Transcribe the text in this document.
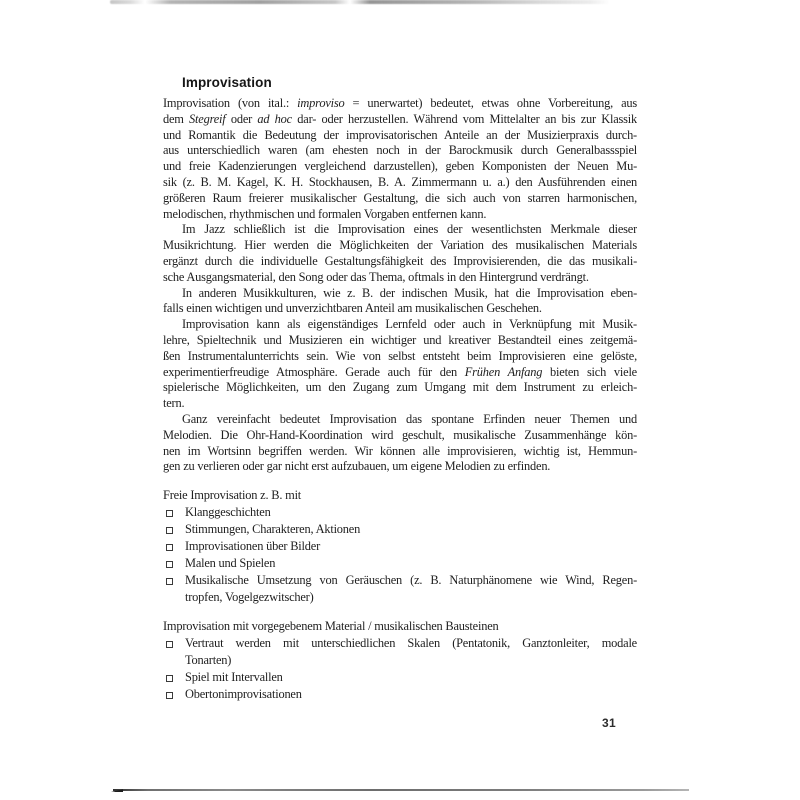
Improvisation
Improvisation (von ital.: improviso = unerwartet) bedeutet, etwas ohne Vorbereitung, aus
dem Stegreif oder ad hoc dar- oder herzustellen. Während vom Mittelalter an bis zur Klassik
und Romantik die Bedeutung der improvisatorischen Anteile an der Musizierpraxis durch-
aus unterschiedlich waren (am ehesten noch in der Barockmusik durch Generalbassspiel
und freie Kadenzierungen vergleichend darzustellen), geben Komponisten der Neuen Mu-
sik (z. B. M. Kagel, K. H. Stockhausen, B. A. Zimmermann u. a.) den Ausführenden einen
größeren Raum freierer musikalischer Gestaltung, die sich auch von starren harmonischen,
melodischen, rhythmischen und formalen Vorgaben entfernen kann.
Im Jazz schließlich ist die Improvisation eines der wesentlichsten Merkmale dieser
Musikrichtung. Hier werden die Möglichkeiten der Variation des musikalischen Materials
ergänzt durch die individuelle Gestaltungsfähigkeit des Improvisierenden, die das musikali-
sche Ausgangsmaterial, den Song oder das Thema, oftmals in den Hintergrund verdrängt.
In anderen Musikkulturen, wie z. B. der indischen Musik, hat die Improvisation eben-
falls einen wichtigen und unverzichtbaren Anteil am musikalischen Geschehen.
Improvisation kann als eigenständiges Lernfeld oder auch in Verknüpfung mit Musik-
lehre, Spieltechnik und Musizieren ein wichtiger und kreativer Bestandteil eines zeitgemä-
ßen Instrumentalunterrichts sein. Wie von selbst entsteht beim Improvisieren eine gelöste,
experimentierfreudige Atmosphäre. Gerade auch für den Frühen Anfang bieten sich viele
spielerische Möglichkeiten, um den Zugang zum Umgang mit dem Instrument zu erleich-
tern.
Ganz vereinfacht bedeutet Improvisation das spontane Erfinden neuer Themen und
Melodien. Die Ohr-Hand-Koordination wird geschult, musikalische Zusammenhänge kön-
nen im Wortsinn begriffen werden. Wir können alle improvisieren, wichtig ist, Hemmun-
gen zu verlieren oder gar nicht erst aufzubauen, um eigene Melodien zu erfinden.
Freie Improvisation z. B. mit
Klanggeschichten
Stimmungen, Charakteren, Aktionen
Improvisationen über Bilder
Malen und Spielen
Musikalische Umsetzung von Geräuschen (z. B. Naturphänomene wie Wind, Regen-
tropfen, Vogelgezwitscher)
Improvisation mit vorgegebenem Material / musikalischen Bausteinen
Vertraut werden mit unterschiedlichen Skalen (Pentatonik, Ganztonleiter, modale
Tonarten)
Spiel mit Intervallen
Obertonimprovisationen
31
